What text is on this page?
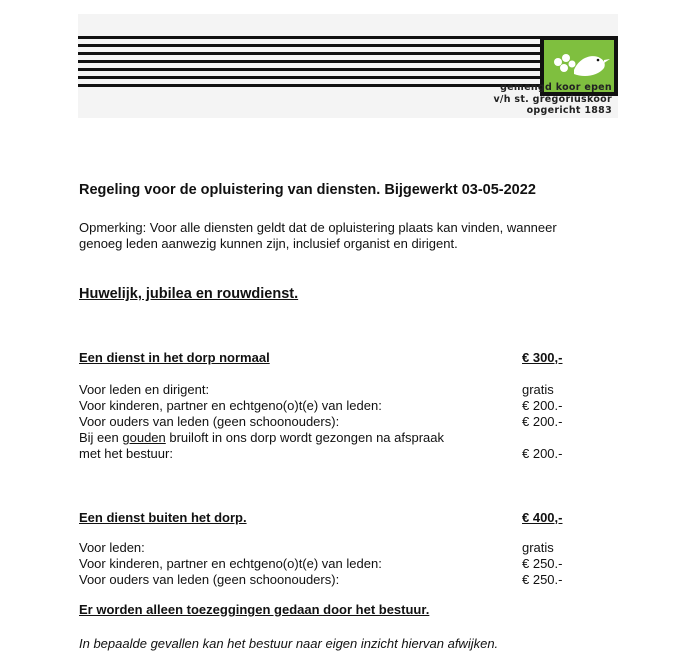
gemengd koor epen
v/h st. gregoriuskoor
opgericht 1883
Regeling voor de opluistering van diensten. Bijgewerkt 03-05-2022
Opmerking: Voor alle diensten geldt dat de opluistering plaats kan vinden, wanneer genoeg leden aanwezig kunnen zijn, inclusief organist en dirigent.
Huwelijk, jubilea en rouwdienst.
Een dienst in het dorp normaal	€ 300,-
Voor leden en dirigent:	gratis
Voor kinderen, partner en echtgeno(o)t(e) van leden:	€ 200.-
Voor ouders van leden (geen schoonouders):	€ 200.-
Bij een gouden bruiloft in ons dorp wordt gezongen na afspraak
met het bestuur:	€ 200.-
Een dienst buiten het dorp.	€ 400,-
Voor leden:	gratis
Voor kinderen, partner en echtgeno(o)t(e) van leden:	€ 250.-
Voor ouders van leden (geen schoonouders):	€ 250.-
Er worden alleen toezeggingen gedaan door het bestuur.
In bepaalde gevallen kan het bestuur naar eigen inzicht hiervan afwijken.
